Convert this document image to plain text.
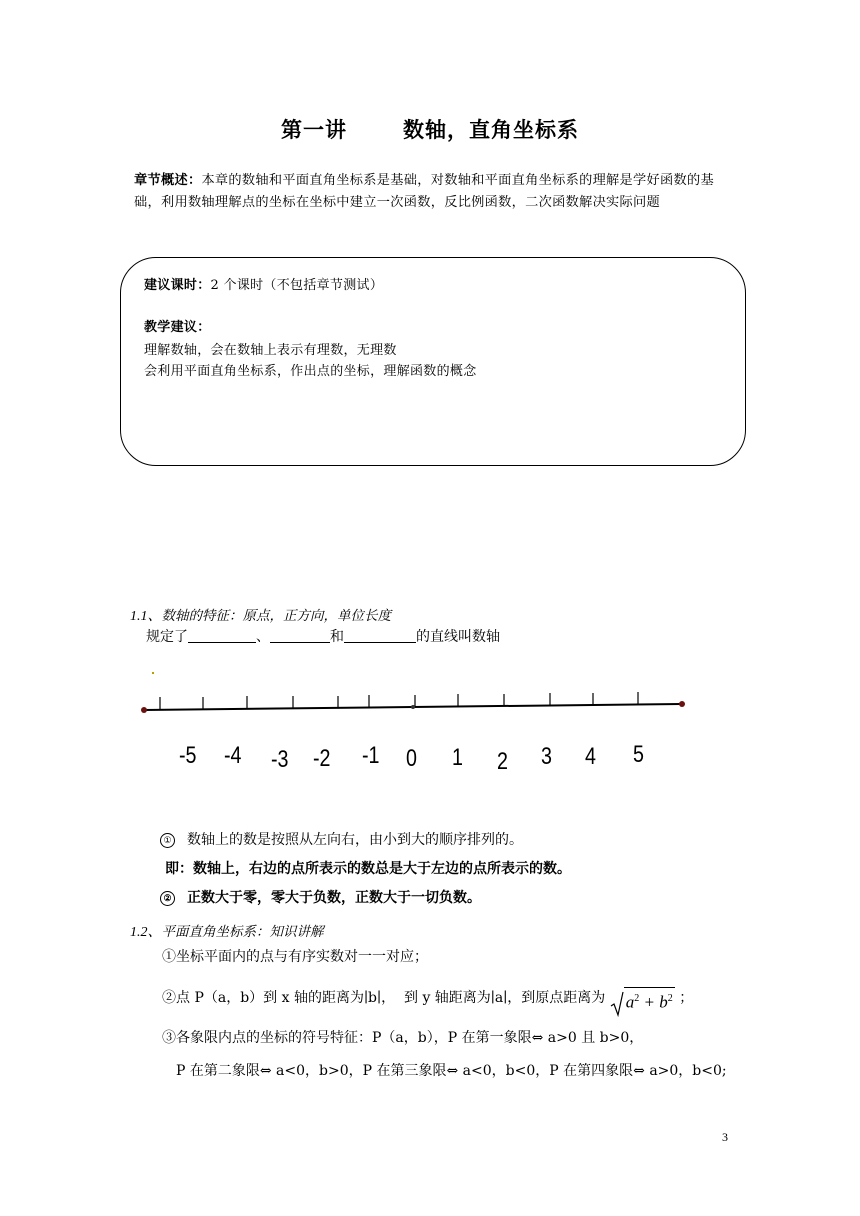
第一讲	数轴，直角坐标系
章节概述：本章的数轴和平面直角坐标系是基础，对数轴和平面直角坐标系的理解是学好函数的基础，利用数轴理解点的坐标在坐标中建立一次函数，反比例函数，二次函数解决实际问题
建议课时：2 个课时（不包括章节测试）
教学建议：
理解数轴，会在数轴上表示有理数，无理数
会利用平面直角坐标系，作出点的坐标，理解函数的概念
1.1、数轴的特征：原点，正方向，单位长度
规定了	、	和	的直线叫数轴
-5 -4 -3 -2 -1 0 1 2 3 4 5
① 数轴上的数是按照从左向右，由小到大的顺序排列的。
即：数轴上，右边的点所表示的数总是大于左边的点所表示的数。
② 正数大于零，零大于负数，正数大于一切负数。
1.2、平面直角坐标系：知识讲解
①坐标平面内的点与有序实数对一一对应；
②点 P（a，b）到 x 轴的距离为∣b∣， 到 y 轴距离为∣a∣，到原点距离为 $a^2 + b^2$ ；
③各象限内点的坐标的符号特征：P（a，b），P 在第一象限⇔ a>0 且 b>0，
P 在第二象限⇔ a<0，b>0，P 在第三象限⇔ a<0，b<0，P 在第四象限⇔ a>0，b<0;
3
